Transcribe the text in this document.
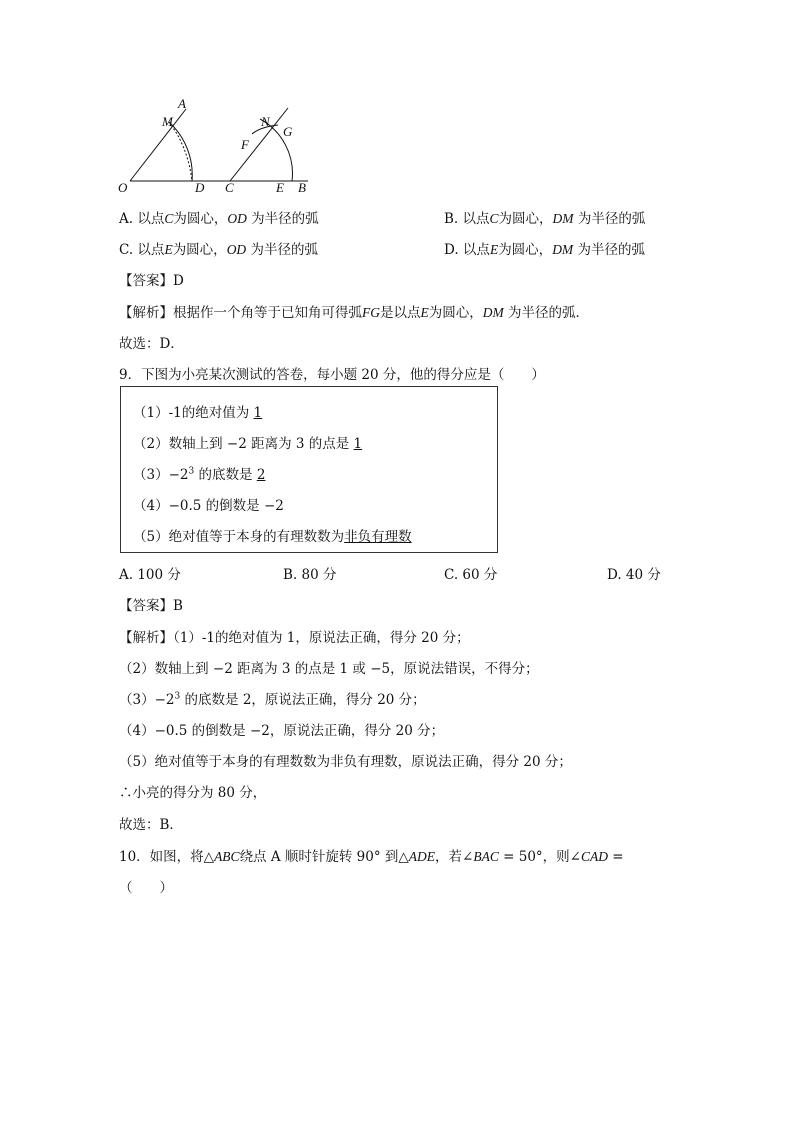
O
A
M
D C
F
N
G
E B
A. 以点C为圆心，OD 为半径的弧	B. 以点C为圆心，DM 为半径的弧
C. 以点E为圆心，OD 为半径的弧	D. 以点E为圆心，DM 为半径的弧
【答案】D
【解析】根据作一个角等于已知角可得弧FG是以点E为圆心，DM 为半径的弧．
故选：D．
9．下图为小亮某次测试的答卷，每小题 20 分，他的得分应是（　　）
（1）-1的绝对值为 1
（2）数轴上到 −2 距离为 3 的点是 1
$(3)-2^3$ 的底数是 2
（4）−0.5 的倒数是 −2
（5）绝对值等于本身的有理数数为非负有理数
A. 100 分	B. 80 分	C. 60 分	D. 40 分
【答案】B
【解析】（1）-1的绝对值为 1，原说法正确，得分 20 分；
（2）数轴上到 −2 距离为 3 的点是 1 或 −5，原说法错误，不得分；
$(3)-2^3$ 的底数是 2，原说法正确，得分 20 分；
（4）−0.5 的倒数是 −2，原说法正确，得分 20 分；
（5）绝对值等于本身的有理数数为非负有理数，原说法正确，得分 20 分；
∴小亮的得分为 80 分，
故选：B．
10．如图，将△ABC绕点 A 顺时针旋转 90° 到△ADE，若∠BAC = 50°，则∠CAD =
（　　）
